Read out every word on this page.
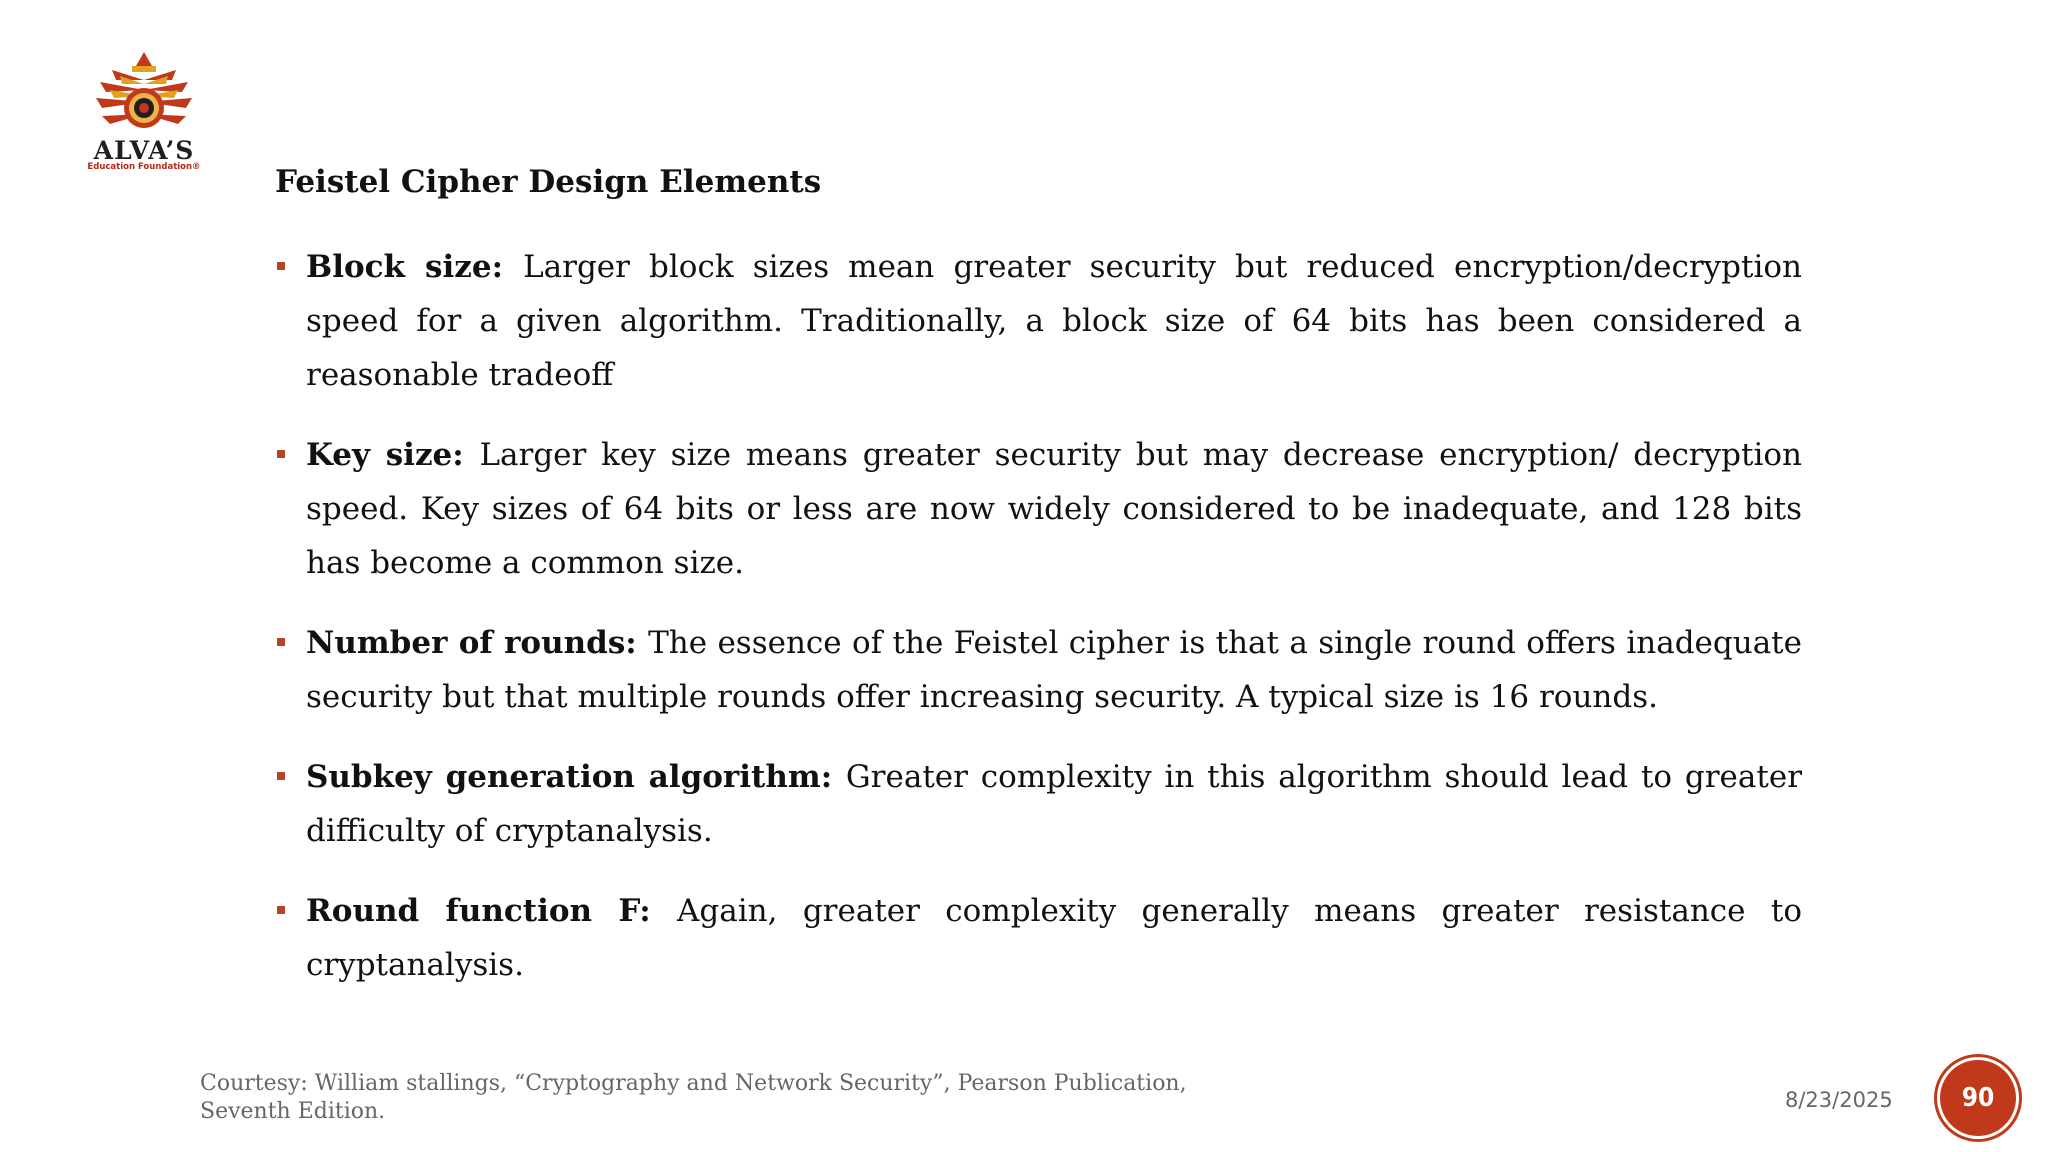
ALVA’S
Education Foundation®	Feistel Cipher Design Elements
Block size: Larger block sizes mean greater security but reduced encryption/decryption speed for a given algorithm. Traditionally, a block size of 64 bits has been considered a reasonable tradeoff
Key size: Larger key size means greater security but may decrease encryption/ decryption speed. Key sizes of 64 bits or less are now widely considered to be inadequate, and 128 bits has become a common size.
Number of rounds: The essence of the Feistel cipher is that a single round offers inadequate security but that multiple rounds offer increasing security. A typical size is 16 rounds.
Subkey generation algorithm: Greater complexity in this algorithm should lead to greater difficulty of cryptanalysis.
Round function F: Again, greater complexity generally means greater resistance to cryptanalysis.
Courtesy: William stallings, “Cryptography and Network Security”, Pearson Publication, Seventh Edition.	8/23/2025	90
